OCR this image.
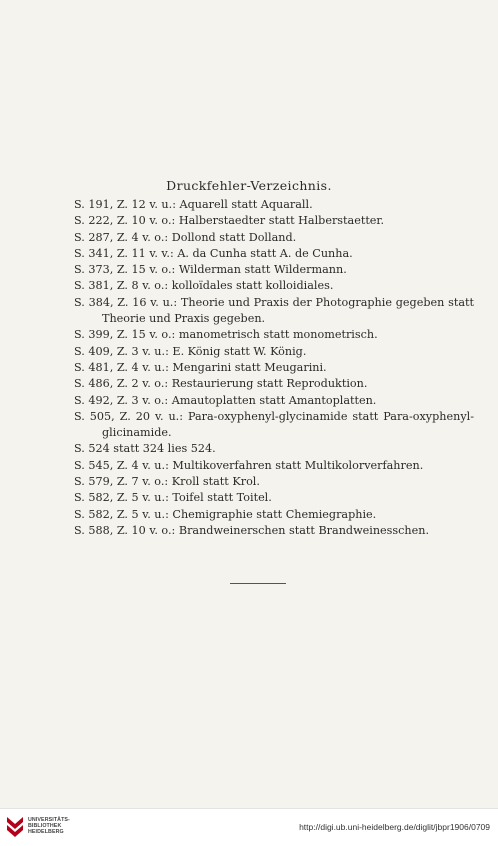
Druckfehler-Verzeichnis.
S. 191, Z. 12 v. u.: Aquarell statt Aquarall.
S. 222, Z. 10 v. o.: Halberstaedter statt Halberstaetter.
S. 287, Z. 4 v. o.: Dollond statt Dolland.
S. 341, Z. 11 v. v.: A. da Cunha statt A. de Cunha.
S. 373, Z. 15 v. o.: Wilderman statt Wildermann.
S. 381, Z. 8 v. o.: kolloïdales statt kolloidiales.
S. 384, Z. 16 v. u.: Theorie und Praxis der Photographie gegeben statt Theorie und Praxis gegeben.
S. 399, Z. 15 v. o.: manometrisch statt monometrisch.
S. 409, Z. 3 v. u.: E. König statt W. König.
S. 481, Z. 4 v. u.: Mengarini statt Meugarini.
S. 486, Z. 2 v. o.: Restaurierung statt Reproduktion.
S. 492, Z. 3 v. o.: Amautoplatten statt Amantoplatten.
S. 505, Z. 20 v. u.: Para-oxyphenyl-glycinamide statt Para-oxyphenyl-glicinamide.
S. 524 statt 324 lies 524.
S. 545, Z. 4 v. u.: Multikoverfahren statt Multikolorverfahren.
S. 579, Z. 7 v. o.: Kroll statt Krol.
S. 582, Z. 5 v. u.: Toifel statt Toitel.
S. 582, Z. 5 v. u.: Chemigraphie statt Chemiegraphie.
S. 588, Z. 10 v. o.: Brandweinerschen statt Brandweinesschen.
UNIVERSITÄTS-
BIBLIOTHEK
HEIDELBERG	http://digi.ub.uni-heidelberg.de/diglit/jbpr1906/0709
